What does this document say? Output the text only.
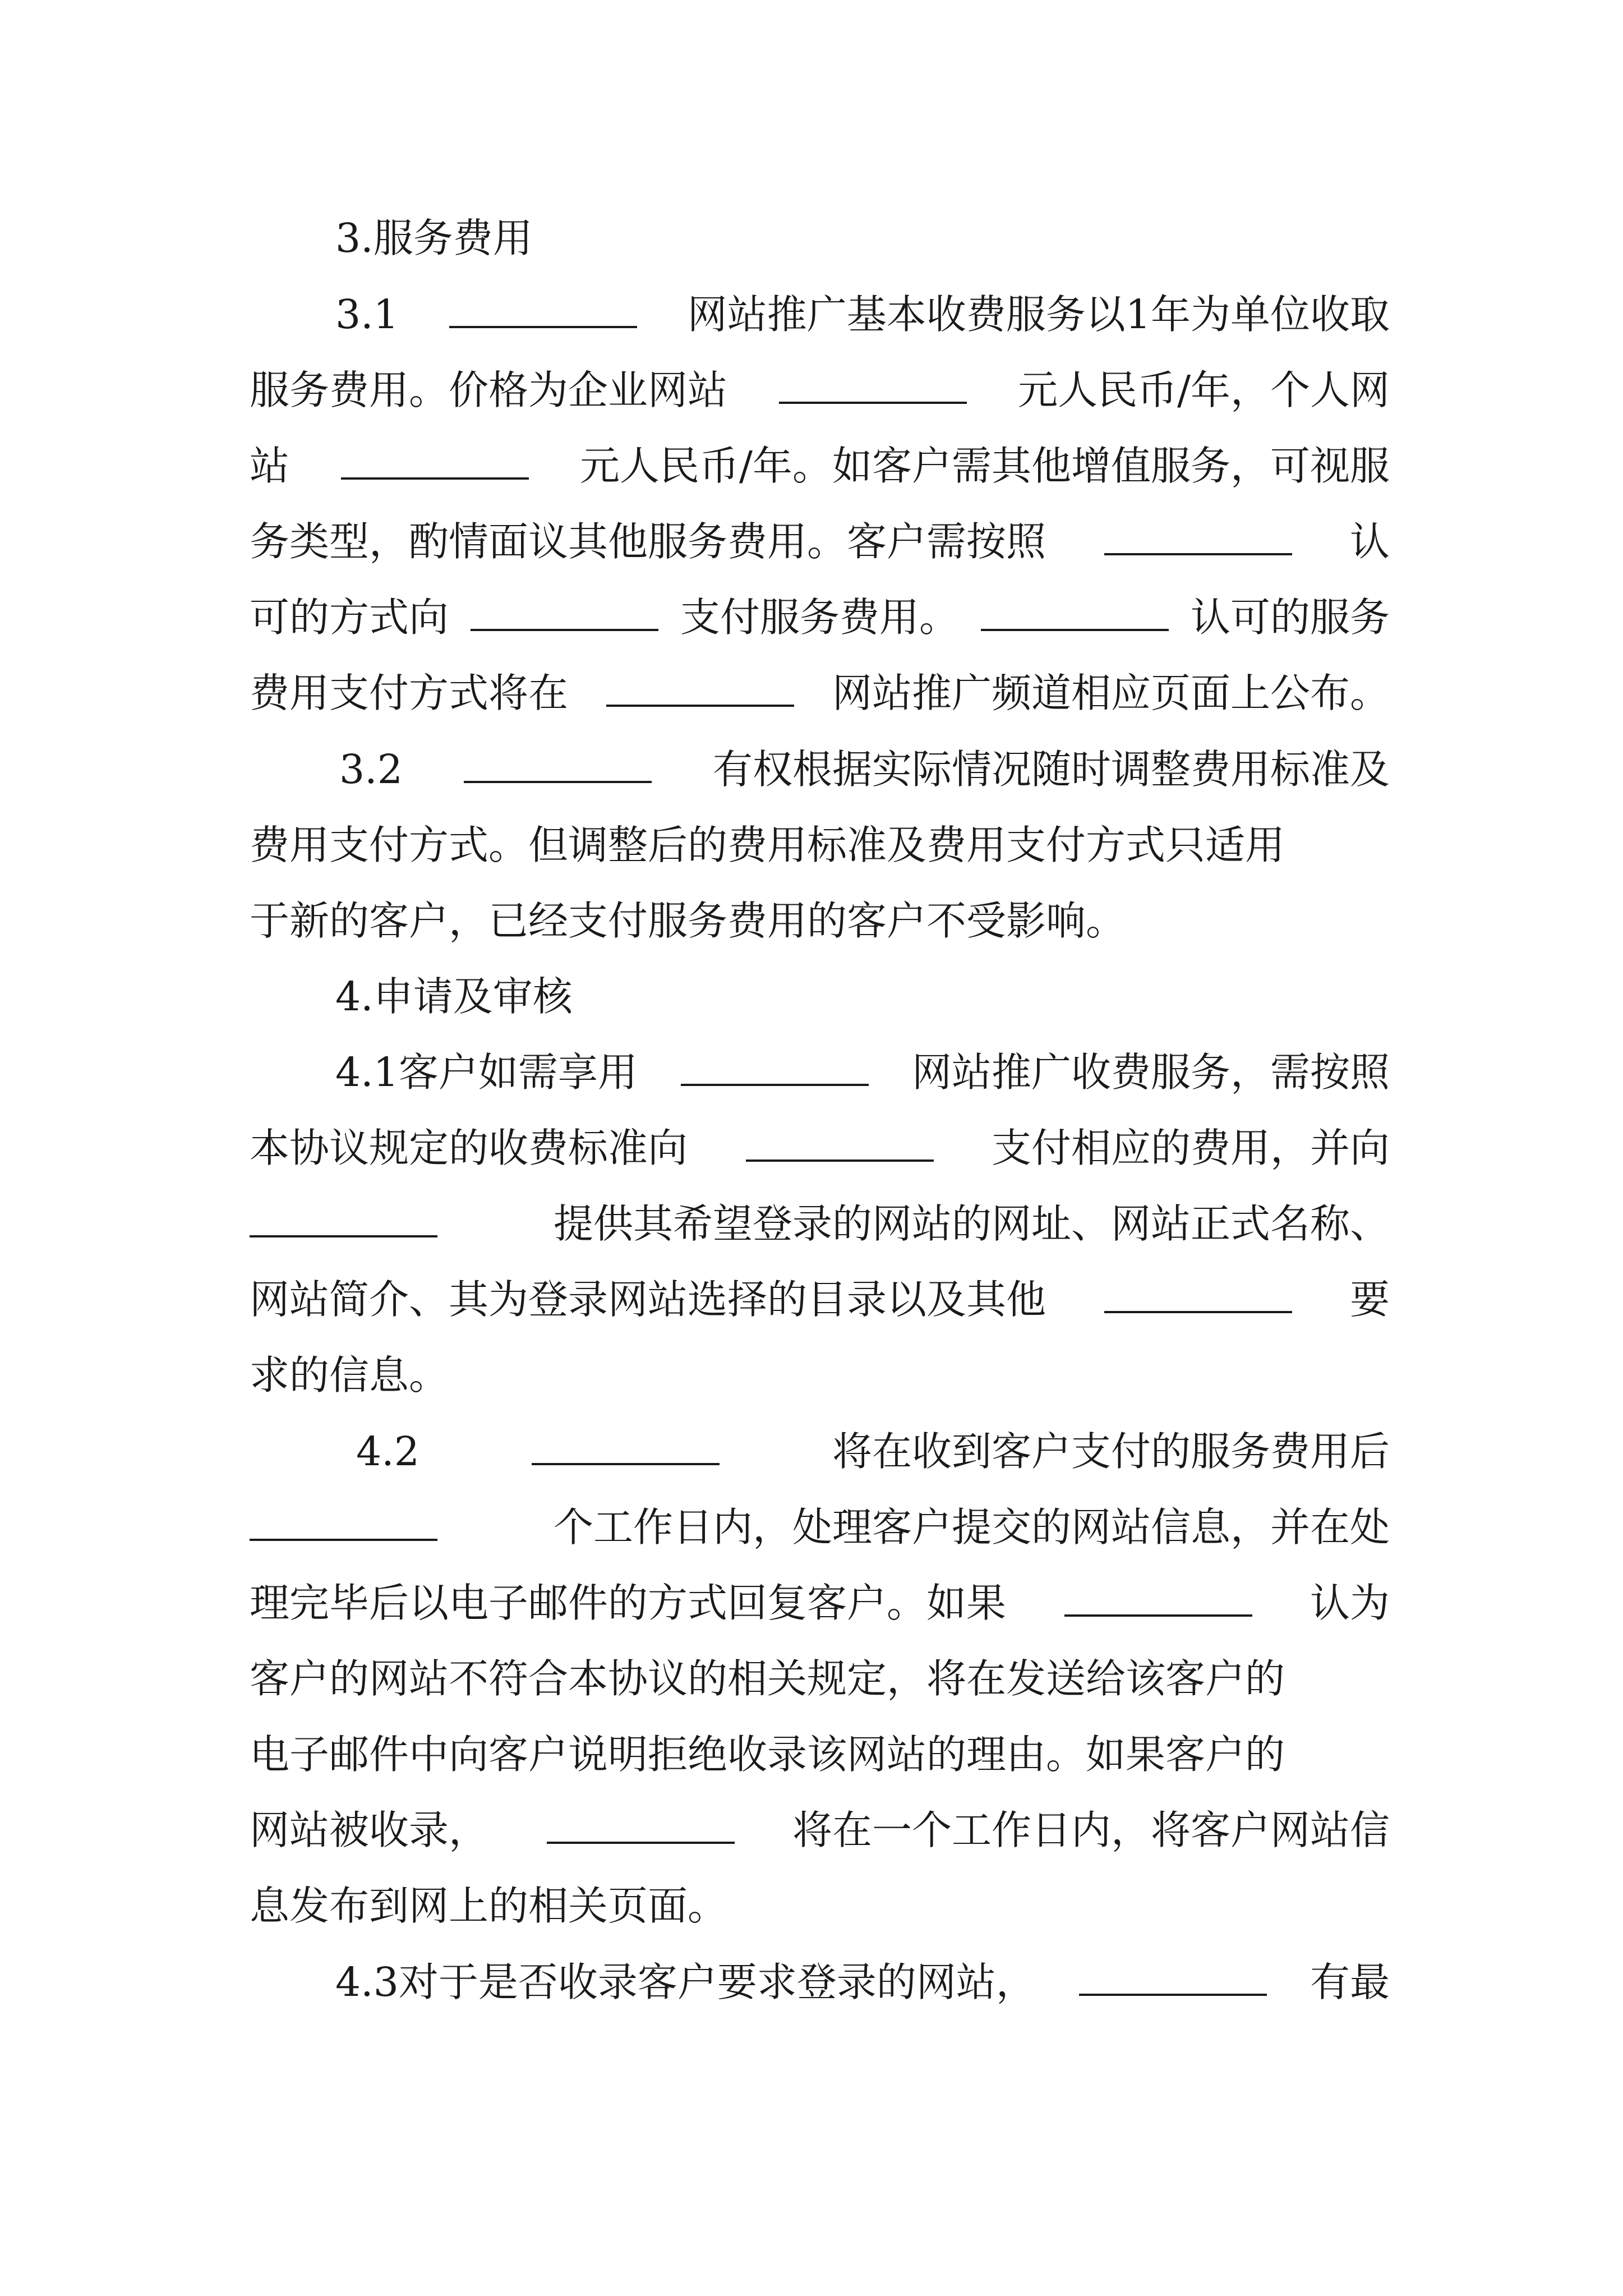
3.服务费用
3.1	网站推广基本收费服务以1年为单位收取
服务费用。价格为企业网站	元人民币/年，个人网
站	元人民币/年。如客户需其他增值服务，可视服
务类型，酌情面议其他服务费用。客户需按照	认
可的方式向	支付服务费用。	认可的服务
费用支付方式将在	网站推广频道相应页面上公布。
3.2	有权根据实际情况随时调整费用标准及
费用支付方式。但调整后的费用标准及费用支付方式只适用
于新的客户，已经支付服务费用的客户不受影响。
4.申请及审核
4.1客户如需享用	网站推广收费服务，需按照
本协议规定的收费标准向	支付相应的费用，并向
提供其希望登录的网站的网址、网站正式名称、
网站简介、其为登录网站选择的目录以及其他	要
求的信息。
4.2	将在收到客户支付的服务费用后
个工作日内，处理客户提交的网站信息，并在处
理完毕后以电子邮件的方式回复客户。如果	认为
客户的网站不符合本协议的相关规定，将在发送给该客户的
电子邮件中向客户说明拒绝收录该网站的理由。如果客户的
网站被收录，	将在一个工作日内，将客户网站信
息发布到网上的相关页面。
4.3对于是否收录客户要求登录的网站，	有最
